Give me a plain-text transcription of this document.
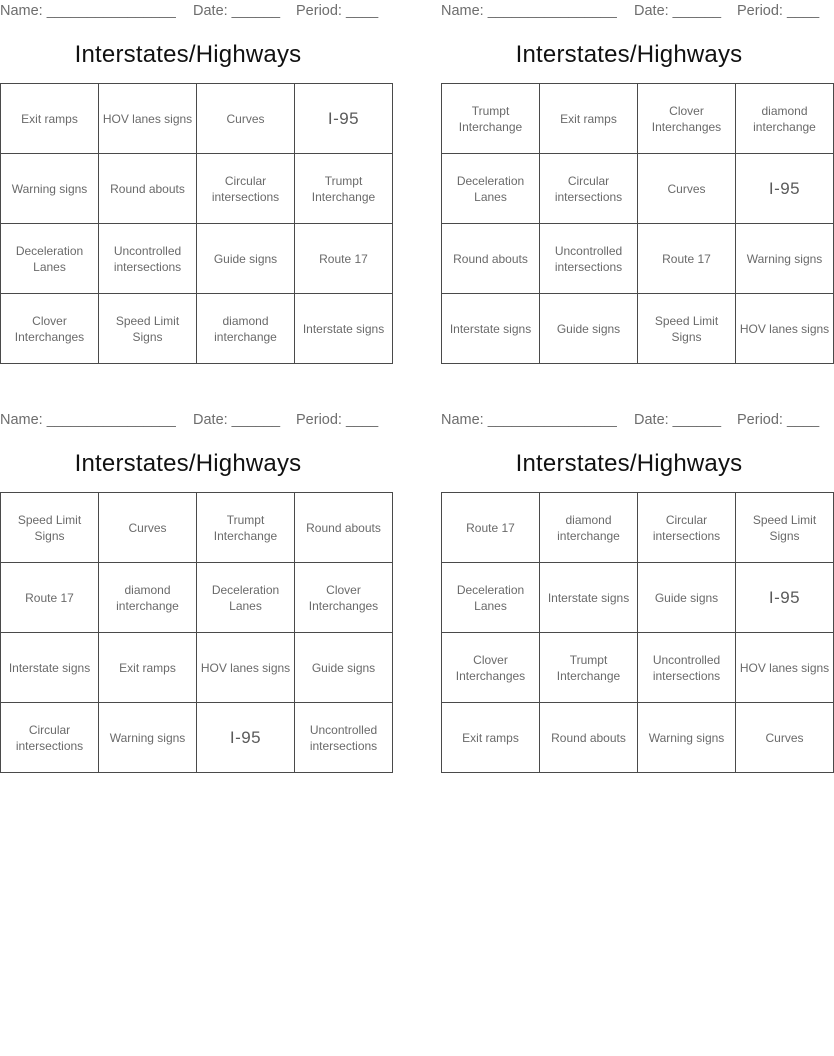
Name: ________________ Date: ______ Period: ____
Interstates/Highways
Exit ramps	HOV lanes signs	Curves	I-95
Warning signs	Round abouts	Circular intersections	Trumpt Interchange
Deceleration Lanes	Uncontrolled intersections	Guide signs	Route 17
Clover Interchanges	Speed Limit Signs	diamond interchange	Interstate signs
Name: ________________ Date: ______ Period: ____
Interstates/Highways
Trumpt Interchange	Exit ramps	Clover Interchanges	diamond interchange
Deceleration Lanes	Circular intersections	Curves	I-95
Round abouts	Uncontrolled intersections	Route 17	Warning signs
Interstate signs	Guide signs	Speed Limit Signs	HOV lanes signs
Name: ________________ Date: ______ Period: ____
Interstates/Highways
Speed Limit Signs	Curves	Trumpt Interchange	Round abouts
Route 17	diamond interchange	Deceleration Lanes	Clover Interchanges
Interstate signs	Exit ramps	HOV lanes signs	Guide signs
Circular intersections	Warning signs	I-95	Uncontrolled intersections
Name: ________________ Date: ______ Period: ____
Interstates/Highways
Route 17	diamond interchange	Circular intersections	Speed Limit Signs
Deceleration Lanes	Interstate signs	Guide signs	I-95
Clover Interchanges	Trumpt Interchange	Uncontrolled intersections	HOV lanes signs
Exit ramps	Round abouts	Warning signs	Curves
